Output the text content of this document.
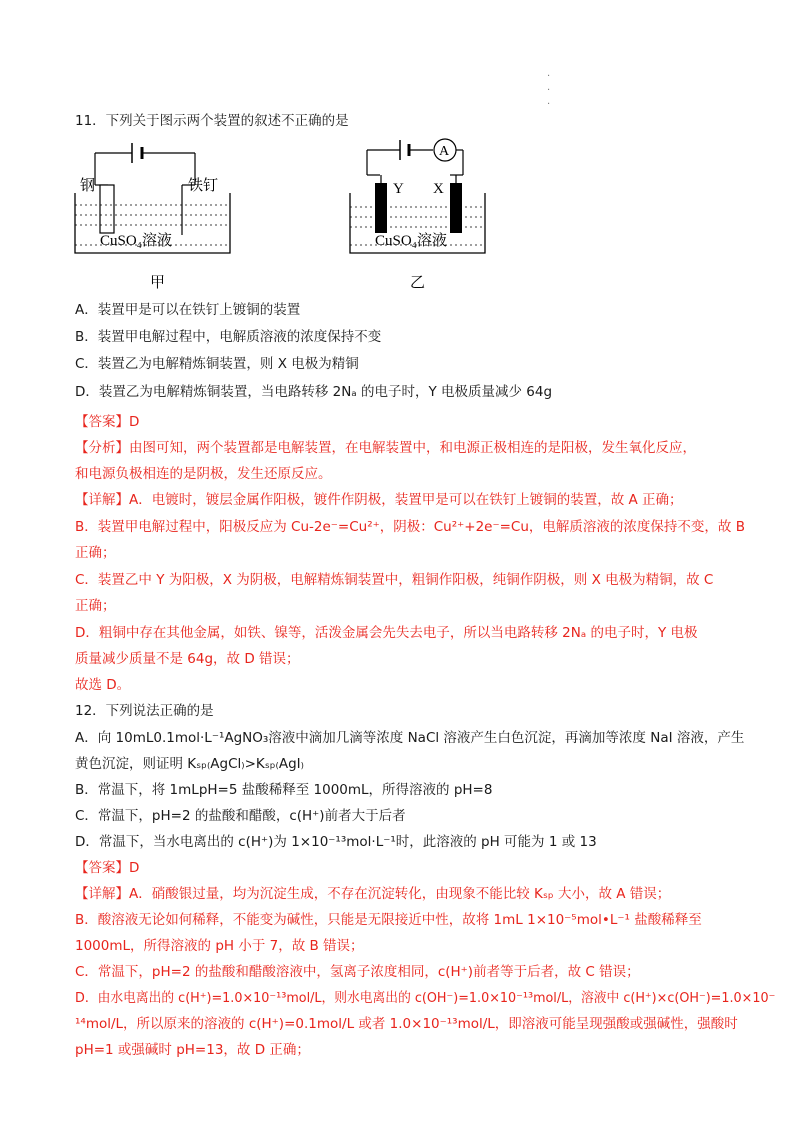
·
·
·
11．下列关于图示两个装置的叙述不正确的是
钢	铁钉
CuSO₄溶液
甲
A
Y X
CuSO₄溶液
乙
A．装置甲是可以在铁钉上镀铜的装置
B．装置甲电解过程中，电解质溶液的浓度保持不变
C．装置乙为电解精炼铜装置，则 X 电极为精铜
D．装置乙为电解精炼铜装置，当电路转移 2Nₐ 的电子时，Y 电极质量减少 64g
【答案】D
【分析】由图可知，两个装置都是电解装置，在电解装置中，和电源正极相连的是阳极，发生氧化反应，
和电源负极相连的是阴极，发生还原反应。
【详解】A．电镀时，镀层金属作阳极，镀件作阴极，装置甲是可以在铁钉上镀铜的装置，故 A 正确；
B．装置甲电解过程中，阳极反应为 Cu-2e⁻=Cu²⁺，阴极：Cu²⁺+2e⁻=Cu，电解质溶液的浓度保持不变，故 B
正确；
C．装置乙中 Y 为阳极，X 为阴极，电解精炼铜装置中，粗铜作阳极，纯铜作阴极，则 X 电极为精铜，故 C
正确；
D．粗铜中存在其他金属，如铁、镍等，活泼金属会先失去电子，所以当电路转移 2Nₐ 的电子时，Y 电极
质量减少质量不是 64g，故 D 错误；
故选 D。
12．下列说法正确的是
A．向 10mL0.1mol·L⁻¹AgNO₃溶液中滴加几滴等浓度 NaCl 溶液产生白色沉淀，再滴加等浓度 NaI 溶液，产生
黄色沉淀，则证明 Kₛₚ₍AgCl₎>Kₛₚ₍AgI₎
B．常温下，将 1mLpH=5 盐酸稀释至 1000mL，所得溶液的 pH=8
C．常温下，pH=2 的盐酸和醋酸，c(H⁺)前者大于后者
D．常温下，当水电离出的 c(H⁺)为 1×10⁻¹³mol·L⁻¹时，此溶液的 pH 可能为 1 或 13
【答案】D
【详解】A．硝酸银过量，均为沉淀生成，不存在沉淀转化，由现象不能比较 Kₛₚ 大小，故 A 错误；
B．酸溶液无论如何稀释，不能变为碱性，只能是无限接近中性，故将 1mL 1×10⁻⁵mol•L⁻¹ 盐酸稀释至
1000mL，所得溶液的 pH 小于 7，故 B 错误；
C．常温下，pH=2 的盐酸和醋酸溶液中，氢离子浓度相同，c(H⁺)前者等于后者，故 C 错误；
D．由水电离出的 c(H⁺)=1.0×10⁻¹³mol/L，则水电离出的 c(OH⁻)=1.0×10⁻¹³mol/L，溶液中 c(H⁺)×c(OH⁻)=1.0×10⁻
¹⁴mol/L，所以原来的溶液的 c(H⁺)=0.1mol/L 或者 1.0×10⁻¹³mol/L，即溶液可能呈现强酸或强碱性，强酸时
pH=1 或强碱时 pH=13，故 D 正确；
